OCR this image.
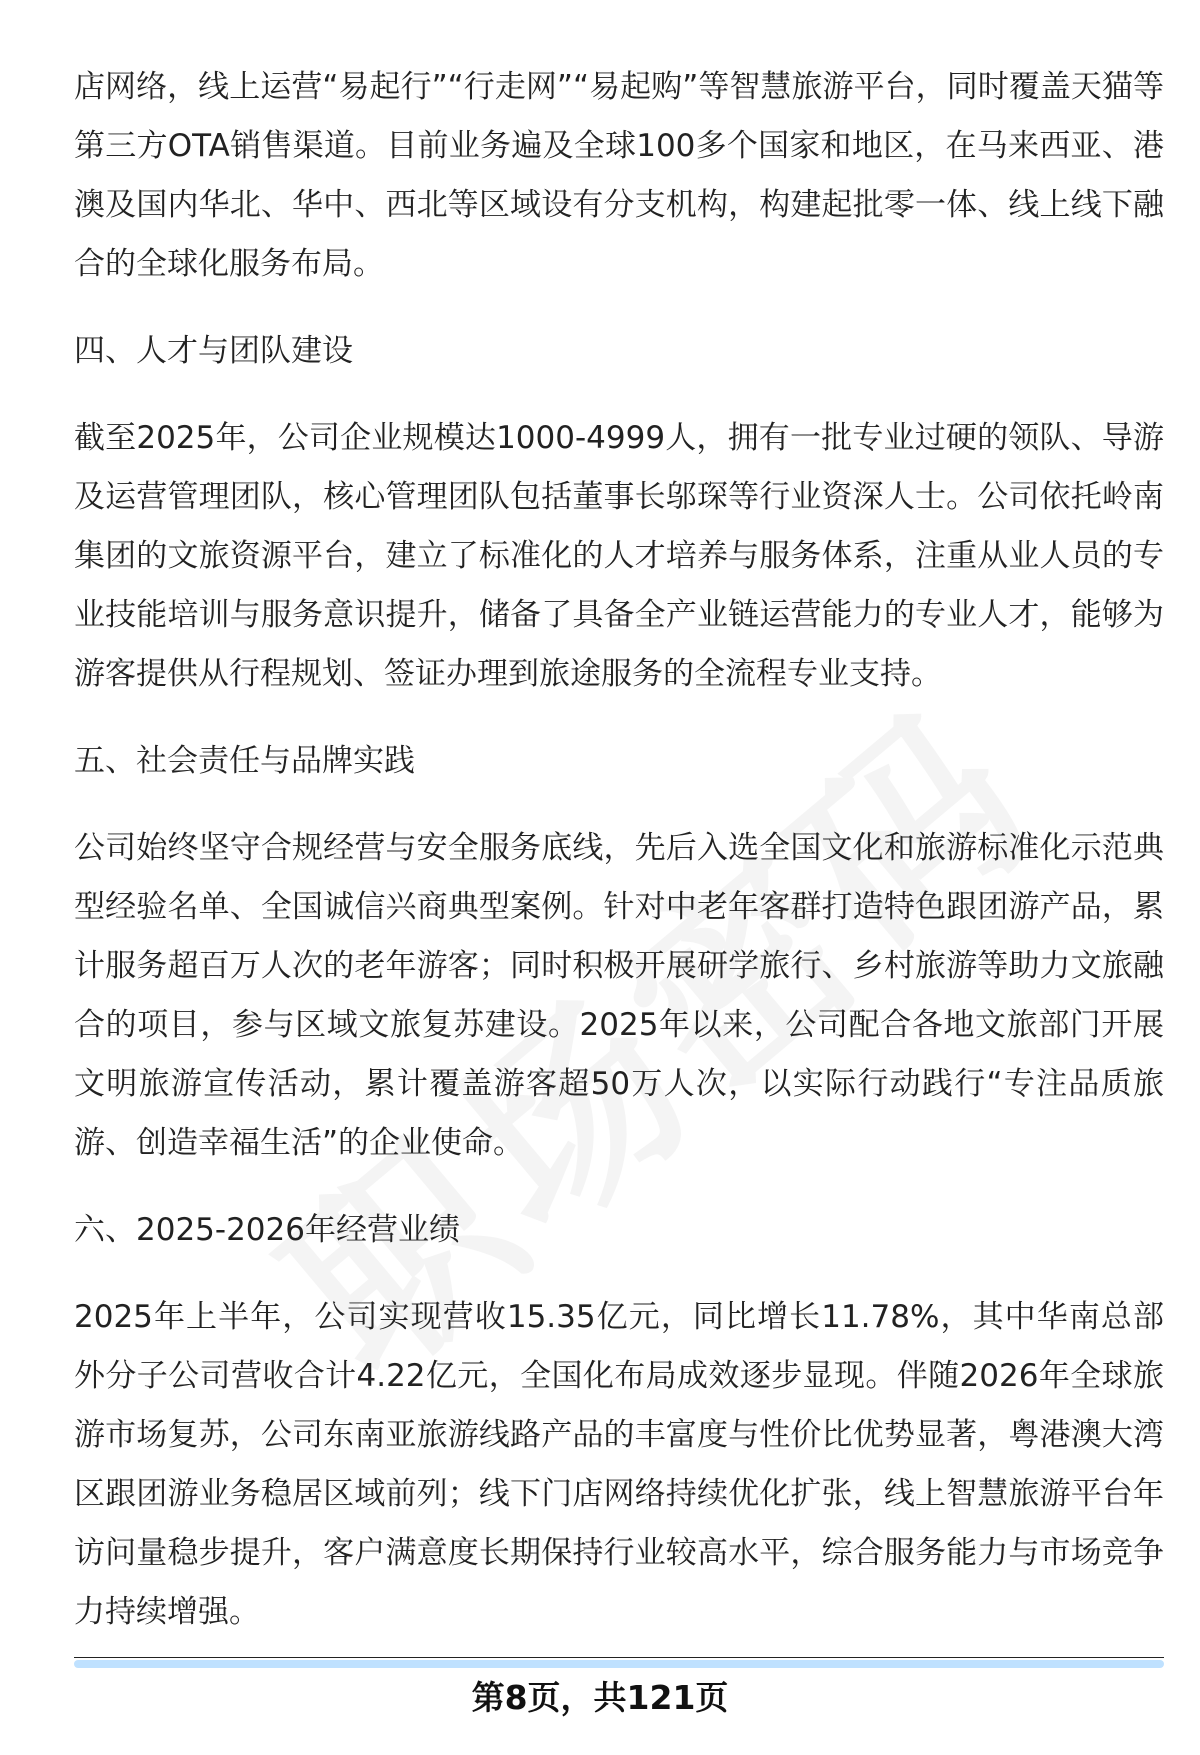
店网络，线上运营“易起行”“行走网”“易起购”等智慧旅游平台，同时覆盖天猫等第三方OTA销售渠道。目前业务遍及全球100多个国家和地区，在马来西亚、港澳及国内华北、华中、西北等区域设有分支机构，构建起批零一体、线上线下融合的全球化服务布局。

四、人才与团队建设

截至2025年，公司企业规模达1000-4999人，拥有一批专业过硬的领队、导游及运营管理团队，核心管理团队包括董事长邬琛等行业资深人士。公司依托岭南集团的文旅资源平台，建立了标准化的人才培养与服务体系，注重从业人员的专业技能培训与服务意识提升，储备了具备全产业链运营能力的专业人才，能够为游客提供从行程规划、签证办理到旅途服务的全流程专业支持。

五、社会责任与品牌实践

公司始终坚守合规经营与安全服务底线，先后入选全国文化和旅游标准化示范典型经验名单、全国诚信兴商典型案例。针对中老年客群打造特色跟团游产品，累计服务超百万人次的老年游客；同时积极开展研学旅行、乡村旅游等助力文旅融合的项目，参与区域文旅复苏建设。2025年以来，公司配合各地文旅部门开展文明旅游宣传活动，累计覆盖游客超50万人次，以实际行动践行“专注品质旅游、创造幸福生活”的企业使命。

六、2025-2026年经营业绩

2025年上半年，公司实现营收15.35亿元，同比增长11.78%，其中华南总部外分子公司营收合计4.22亿元，全国化布局成效逐步显现。伴随2026年全球旅游市场复苏，公司东南亚旅游线路产品的丰富度与性价比优势显著，粤港澳大湾区跟团游业务稳居区域前列；线下门店网络持续优化扩张，线上智慧旅游平台年访问量稳步提升，客户满意度长期保持行业较高水平，综合服务能力与市场竞争力持续增强。

第8页，共121页
